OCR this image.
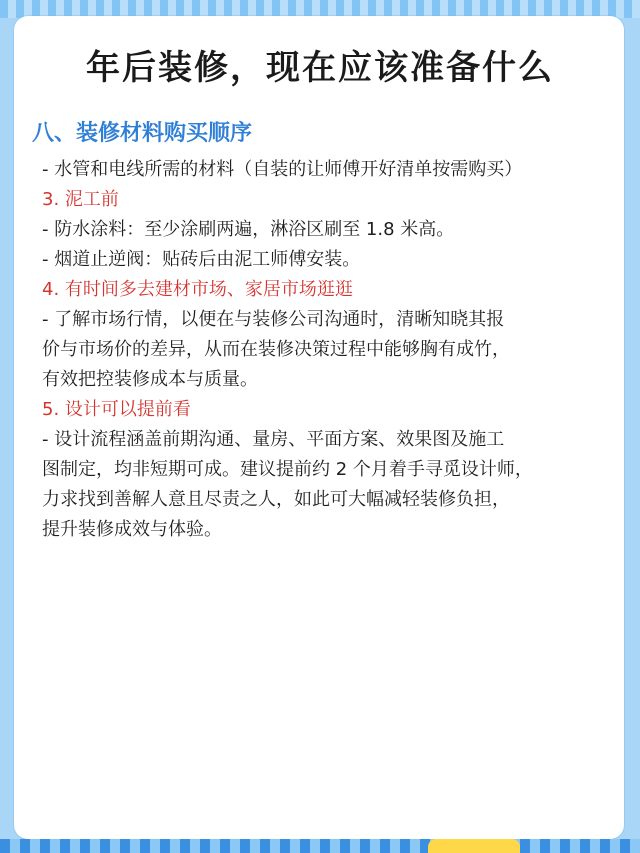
年后装修，现在应该准备什么
八、装修材料购买顺序
- 水管和电线所需的材料（自装的让师傅开好清单按需购买）
3. 泥工前
- 防水涂料：至少涂刷两遍，淋浴区刷至 1.8 米高。
- 烟道止逆阀：贴砖后由泥工师傅安装。
4. 有时间多去建材市场、家居市场逛逛
- 了解市场行情，以便在与装修公司沟通时，清晰知晓其报
价与市场价的差异，从而在装修决策过程中能够胸有成竹，
有效把控装修成本与质量。
5. 设计可以提前看
- 设计流程涵盖前期沟通、量房、平面方案、效果图及施工
图制定，均非短期可成。建议提前约 2 个月着手寻觅设计师，
力求找到善解人意且尽责之人，如此可大幅减轻装修负担，
提升装修成效与体验。
